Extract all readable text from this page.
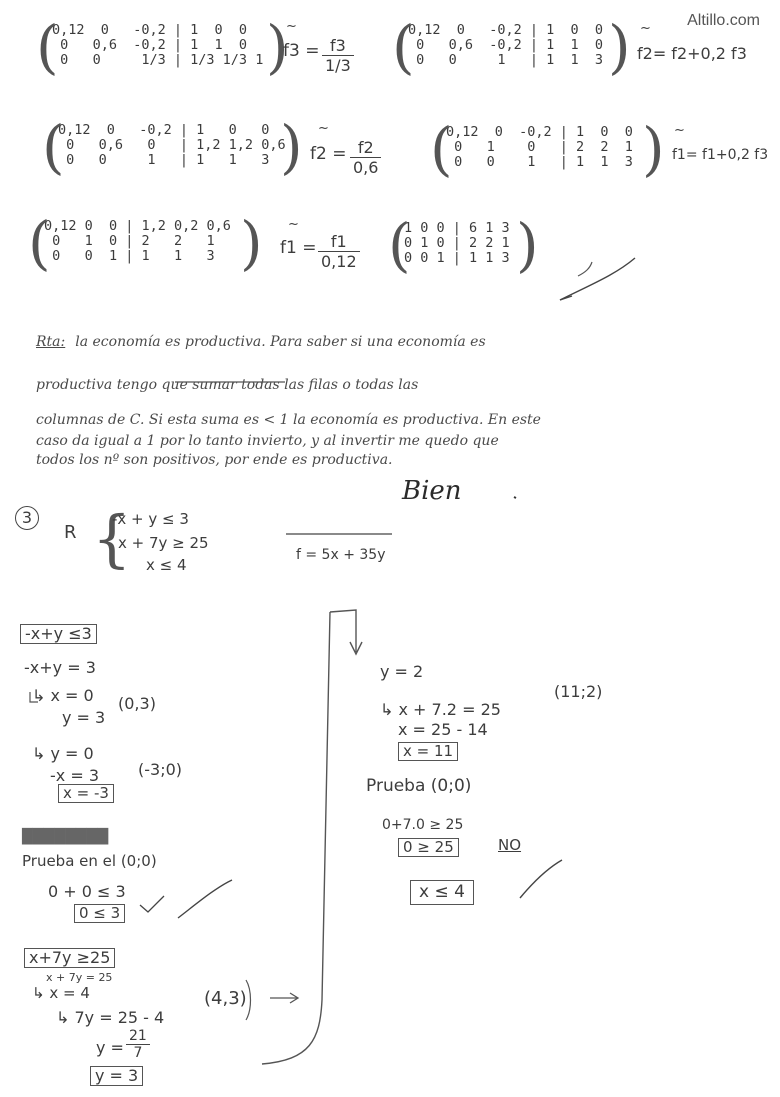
Altillo.com
(
0,12  0   -0,2 | 1  0  0
0   0,6  -0,2 | 1  1  0
0   0     1/3 | 1/3 1/3 1 )
~
$f3 = \frac{f3}{1/3}$ (
0,12  0   -0,2 | 1  0  0
0   0,6  -0,2 | 1  1  0
0   0     1   | 1  1  3 ) ~
f2= f2+0,2 f3
(
0,12  0   -0,2 | 1   0   0
0   0,6   0   | 1,2 1,2 0,6
0   0     1   | 1   1   3 ) ~
$f2 = \frac{f2}{0,6}$ (
0,12  0  -0,2 | 1  0  0
0   1    0   | 2  2  1
0   0    1   | 1  1  3 ) ~
f1= f1+0,2 f3
(
0,12 0  0 | 1,2 0,2 0,6
0   1  0 | 2   2   1
0   0  1 | 1   1   3 ) ~
$f1 = \frac{f1}{0,12}$ (
1 0 0 | 6 1 3
0 1 0 | 2 2 1
0 0 1 | 1 1 3 )
Rta: la economía es productiva. Para saber si una economía es
productiva tengo que sumar todas las filas o todas las
columnas de C. Si esta suma es < 1 la economía es productiva. En este
caso da igual a 1 por lo tanto invierto, y al invertir me quedo que
todos los nº son positivos, por ende es productiva.
Bien
3
R {
-x + y ≤ 3
x + 7y ≥ 25
x ≤ 4
f = 5x + 35y
-x+y ≤3
-x+y = 3
↳ x = 0
y = 3
(0,3)
↳ y = 0
-x = 3
x = -3
(-3;0)
████████
Prueba en el (0;0)
0 + 0 ≤ 3
0 ≤ 3
x+7y ≥25
x + 7y = 25
↳ x = 4
↳ 7y = 25 - 4
$y = \frac{21}{7}$
y = 3
(4,3)
y = 2
↳ x + 7.2 = 25
x = 25 - 14
x = 11
(11;2)
Prueba (0;0)
0+7.0 ≥ 25
0 ≥ 25	NO
x ≤ 4
